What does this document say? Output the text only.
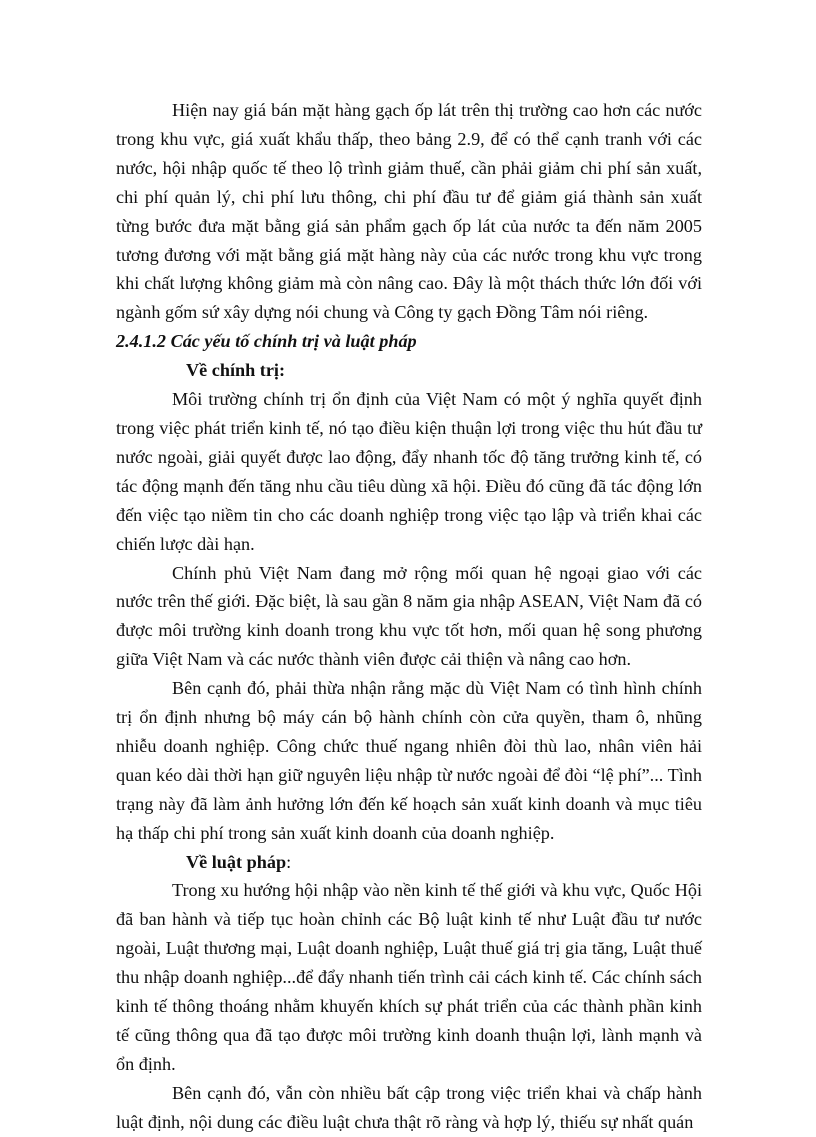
Hiện nay giá bán mặt hàng gạch ốp lát trên thị trường cao hơn các nước trong khu vực, giá xuất khẩu thấp, theo bảng 2.9, để có thể cạnh tranh với các nước, hội nhập quốc tế theo lộ trình giảm thuế, cần phải giảm chi phí sản xuất, chi phí quản lý, chi phí lưu thông, chi phí đầu tư để giảm giá thành sản xuất từng bước đưa mặt bằng giá sản phẩm gạch ốp lát của nước ta đến năm 2005 tương đương với mặt bằng giá mặt hàng này của các nước trong khu vực trong khi chất lượng không giảm mà còn nâng cao. Đây là một thách thức lớn đối với ngành gốm sứ xây dựng nói chung và Công ty gạch Đồng Tâm nói riêng.

2.4.1.2 Các yếu tố chính trị và luật pháp

Về chính trị:

Môi trường chính trị ổn định của Việt Nam có một ý nghĩa quyết định trong việc phát triển kinh tế, nó tạo điều kiện thuận lợi trong việc thu hút đầu tư nước ngoài, giải quyết được lao động, đẩy nhanh tốc độ tăng trưởng kinh tế, có tác động mạnh đến tăng nhu cầu tiêu dùng xã hội. Điều đó cũng đã tác động lớn đến việc tạo niềm tin cho các doanh nghiệp trong việc tạo lập và triển khai các chiến lược dài hạn.

Chính phủ Việt Nam đang mở rộng mối quan hệ ngoại giao với các nước trên thế giới. Đặc biệt, là sau gần 8 năm gia nhập ASEAN, Việt Nam đã có được môi trường kinh doanh trong khu vực tốt hơn, mối quan hệ song phương giữa Việt Nam và các nước thành viên được cải thiện và nâng cao hơn.

Bên cạnh đó, phải thừa nhận rằng mặc dù Việt Nam có tình hình chính trị ổn định nhưng bộ máy cán bộ hành chính còn cửa quyền, tham ô, nhũng nhiễu doanh nghiệp. Công chức thuế ngang nhiên đòi thù lao, nhân viên hải quan kéo dài thời hạn giữ nguyên liệu nhập từ nước ngoài để đòi “lệ phí”... Tình trạng này đã làm ảnh hưởng lớn đến kế hoạch sản xuất kinh doanh và mục tiêu hạ thấp chi phí trong sản xuất kinh doanh của doanh nghiệp.

Về luật pháp:

Trong xu hướng hội nhập vào nền kinh tế thế giới và khu vực, Quốc Hội đã ban hành và tiếp tục hoàn chỉnh các Bộ luật kinh tế như Luật đầu tư nước ngoài, Luật thương mại, Luật doanh nghiệp, Luật thuế giá trị gia tăng, Luật thuế thu nhập doanh nghiệp...để đẩy nhanh tiến trình cải cách kinh tế. Các chính sách kinh tế thông thoáng nhằm khuyến khích sự phát triển của các thành phần kinh tế cũng thông qua đã tạo được môi trường kinh doanh thuận lợi, lành mạnh và ổn định.

Bên cạnh đó, vẫn còn nhiều bất cập trong việc triển khai và chấp hành luật định, nội dung các điều luật chưa thật rõ ràng và hợp lý, thiếu sự nhất quán
